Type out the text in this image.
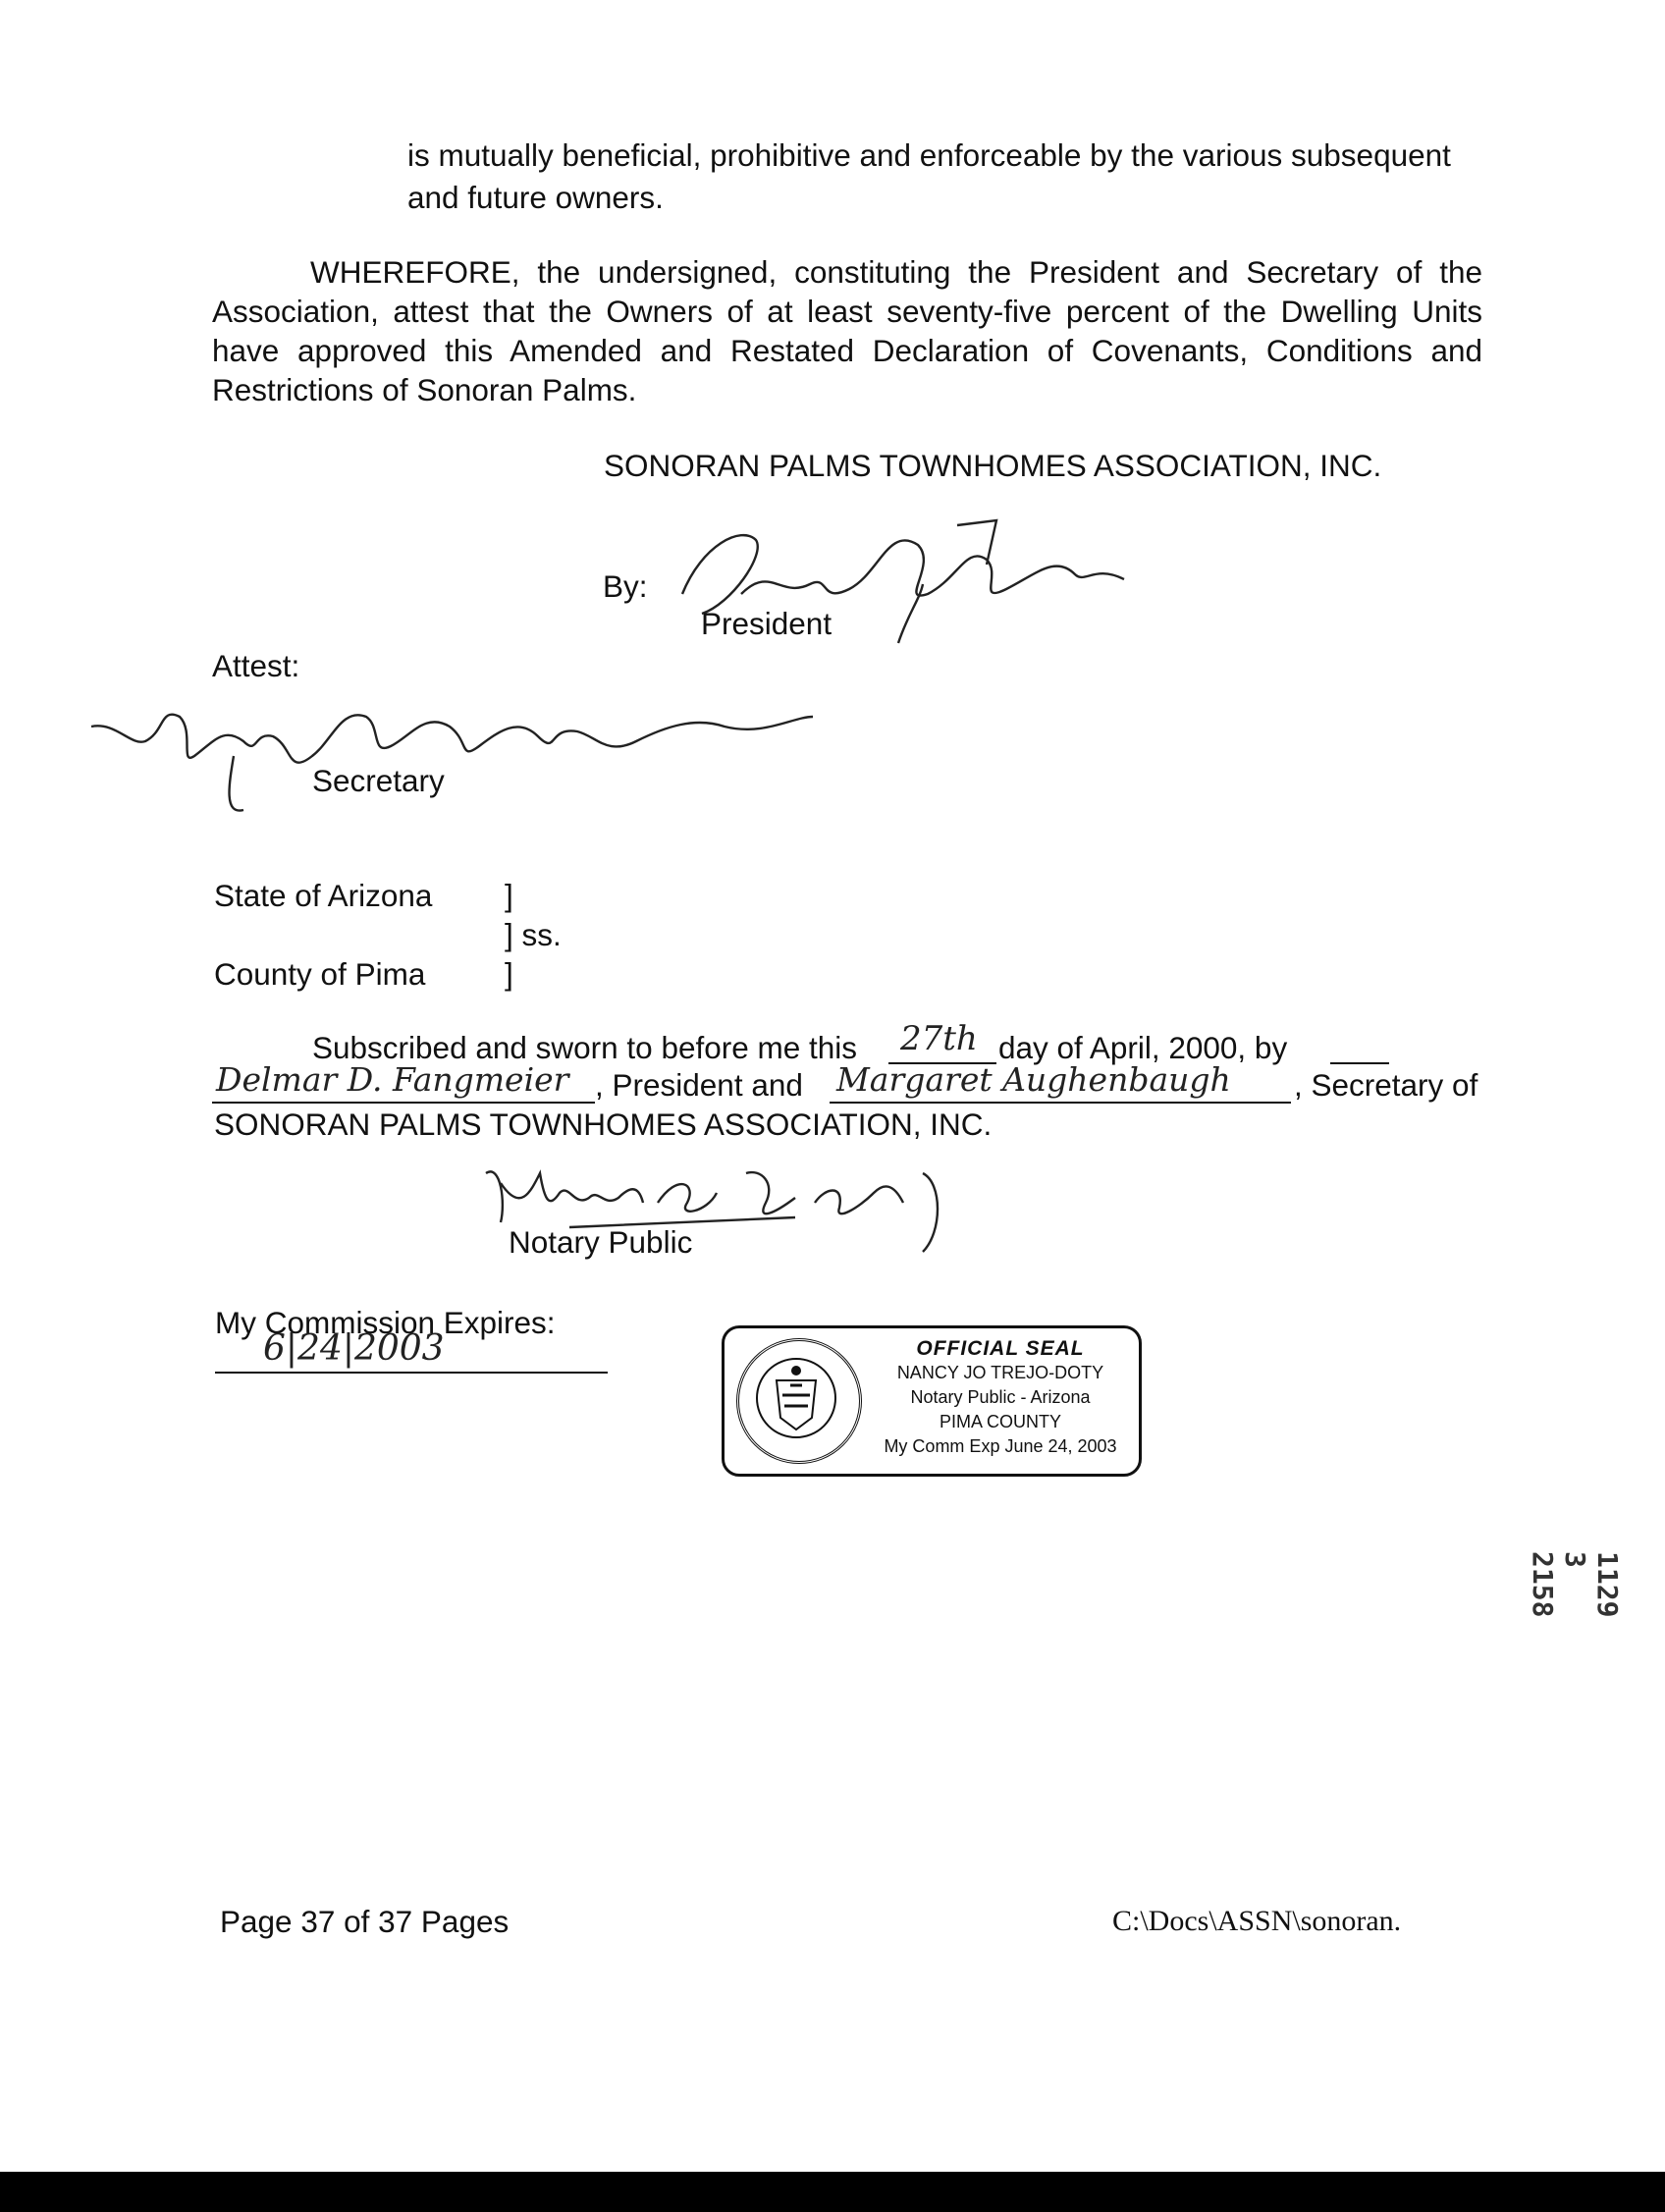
is mutually beneficial, prohibitive and enforceable by the various subsequent
and future owners.
WHEREFORE, the undersigned, constituting the President and Secretary of the Association, attest that the Owners of at least seventy-five percent of the Dwelling Units have approved this Amended and Restated Declaration of Covenants, Conditions and Restrictions of Sonoran Palms.
SONORAN PALMS TOWNHOMES ASSOCIATION, INC.
By:
President
Attest:
Secretary
State of Arizona ]
] ss.
County of Pima	]
Subscribed and sworn to before me this 27th day of April, 2000, by
Delmar D. Fangmeier , President and Margaret Aughenbaugh , Secretary of
SONORAN PALMS TOWNHOMES ASSOCIATION, INC.
Notary Public
My Commission Expires:
6|24|2003	OFFICIAL SEAL
NANCY JO TREJO-DOTY
Notary Public - Arizona
PIMA COUNTY
My Comm Exp June 24, 2003
1129 3 2158
Page 37 of 37 Pages	C:\Docs\ASSN\sonoran.
